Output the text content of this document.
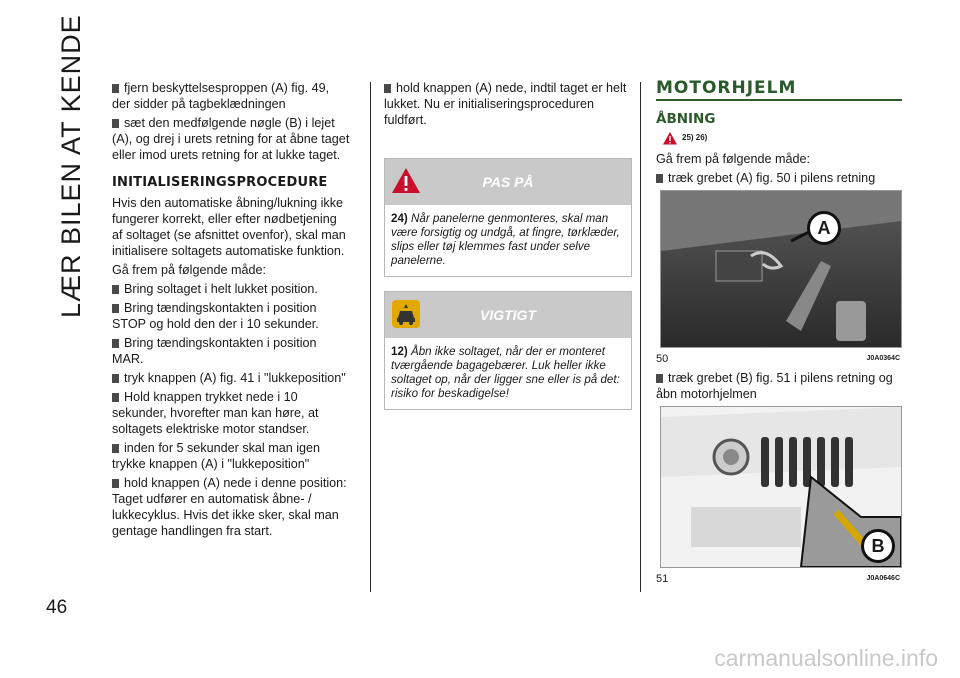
LÆR BILEN AT KENDE
46

fjern beskyttelsesproppen (A) fig. 49, der sidder på tagbeklædningen

sæt den medfølgende nøgle (B) i lejet (A), og drej i urets retning for at åbne taget eller imod urets retning for at lukke taget.

INITIALISERINGSPROCEDURE

Hvis den automatiske åbning/lukning ikke fungerer korrekt, eller efter nødbetjening af soltaget (se afsnittet ovenfor), skal man initialisere soltagets automatiske funktion.

Gå frem på følgende måde:

Bring soltaget i helt lukket position.

Bring tændingskontakten i position STOP og hold den der i 10 sekunder.

Bring tændingskontakten i position MAR.

tryk knappen (A) fig. 41 i "lukkeposition"

Hold knappen trykket nede i 10 sekunder, hvorefter man kan høre, at soltagets elektriske motor standser.

inden for 5 sekunder skal man igen trykke knappen (A) i "lukkeposition"

hold knappen (A) nede i denne position: Taget udfører en automatisk åbne- / lukkecyklus. Hvis det ikke sker, skal man gentage handlingen fra start.

hold knappen (A) nede, indtil taget er helt lukket. Nu er initialiseringsproceduren fuldført.

PAS PÅ
24) Når panelerne genmonteres, skal man være forsigtig og undgå, at fingre, tørklæder, slips eller tøj klemmes fast under selve panelerne.
VIGTIGT
12) Åbn ikke soltaget, når der er monteret tværgående bagagebærer. Luk heller ikke soltaget op, når der ligger sne eller is på det: risiko for beskadigelse!
MOTORHJELM
ÅBNING
25) 26)

Gå frem på følgende måde:

træk grebet (A) fig. 50 i pilens retning

A
50	J0A0364C

træk grebet (B) fig. 51 i pilens retning og åbn motorhjelmen

B
51	J0A0646C
carmanualsonline.info
